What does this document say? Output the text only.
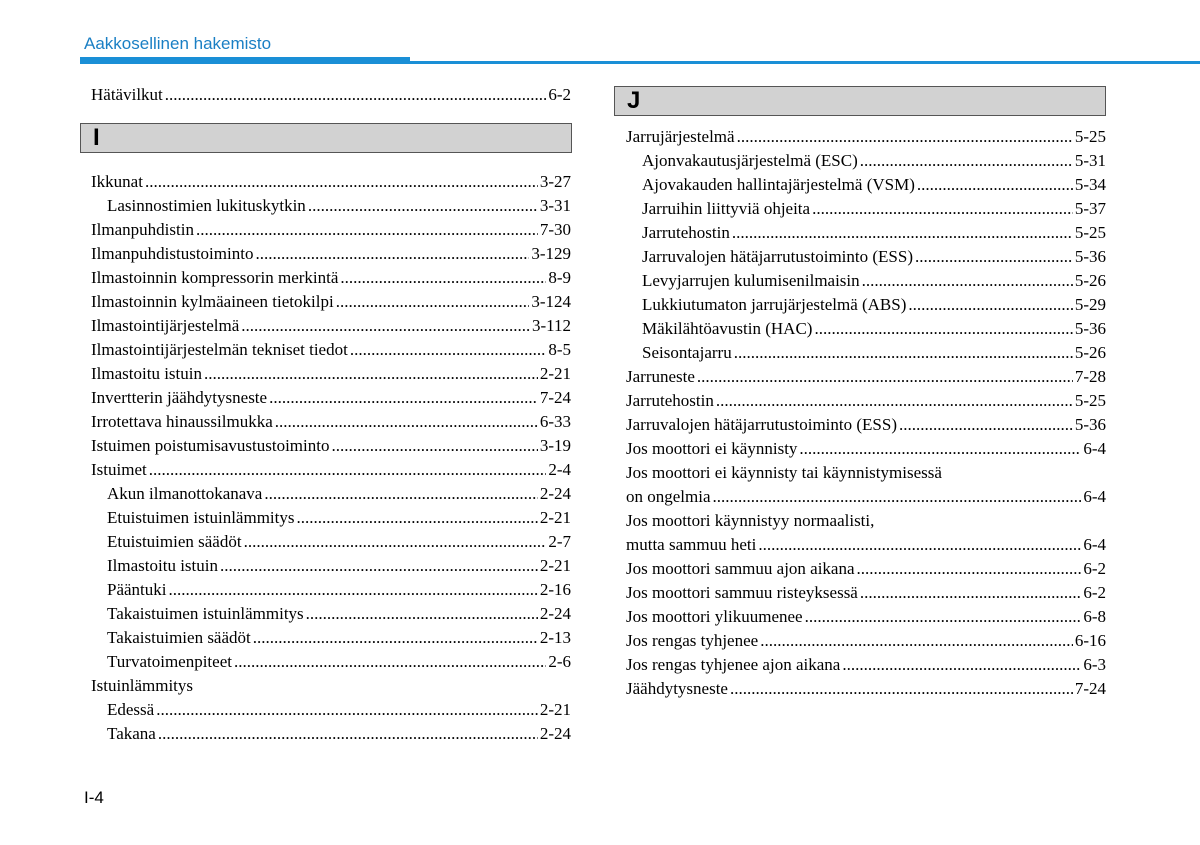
Aakkosellinen hakemisto
Hätävilkut .....	6-2
I
Ikkunat .....	3-27
Lasinnostimien lukituskytkin .....	3-31
Ilmanpuhdistin .....	7-30
Ilmanpuhdistustoiminto .....	3-129
Ilmastoinnin kompressorin merkintä .....	8-9
Ilmastoinnin kylmäaineen tietokilpi .....	3-124
Ilmastointijärjestelmä .....	3-112
Ilmastointijärjestelmän tekniset tiedot .....	8-5
Ilmastoitu istuin .....	2-21
Invertterin jäähdytysneste .....	7-24
Irrotettava hinaussilmukka .....	6-33
Istuimen poistumisavustustoiminto .....	3-19
Istuimet .....	2-4
Akun ilmanottokanava .....	2-24
Etuistuimen istuinlämmitys .....	2-21
Etuistuimien säädöt .....	2-7
Ilmastoitu istuin .....	2-21
Pääntuki .....	2-16
Takaistuimen istuinlämmitys .....	2-24
Takaistuimien säädöt .....	2-13
Turvatoimenpiteet .....	2-6
Istuinlämmitys
Edessä .....	2-21
Takana .....	2-24
J
Jarrujärjestelmä .....	5-25
Ajonvakautusjärjestelmä (ESC) .....	5-31
Ajovakauden hallintajärjestelmä (VSM) .....	5-34
Jarruihin liittyviä ohjeita .....	5-37
Jarrutehostin .....	5-25
Jarruvalojen hätäjarrutustoiminto (ESS) .....	5-36
Levyjarrujen kulumisenilmaisin .....	5-26
Lukkiutumaton jarrujärjestelmä (ABS) .....	5-29
Mäkilähtöavustin (HAC) .....	5-36
Seisontajarru .....	5-26
Jarruneste .....	7-28
Jarrutehostin .....	5-25
Jarruvalojen hätäjarrutustoiminto (ESS) .....	5-36
Jos moottori ei käynnisty .....	6-4
Jos moottori ei käynnisty tai käynnistymisessä
on ongelmia .....	6-4
Jos moottori käynnistyy normaalisti,
mutta sammuu heti .....	6-4
Jos moottori sammuu ajon aikana .....	6-2
Jos moottori sammuu risteyksessä .....	6-2
Jos moottori ylikuumenee .....	6-8
Jos rengas tyhjenee .....	6-16
Jos rengas tyhjenee ajon aikana .....	6-3
Jäähdytysneste .....	7-24
I-4
